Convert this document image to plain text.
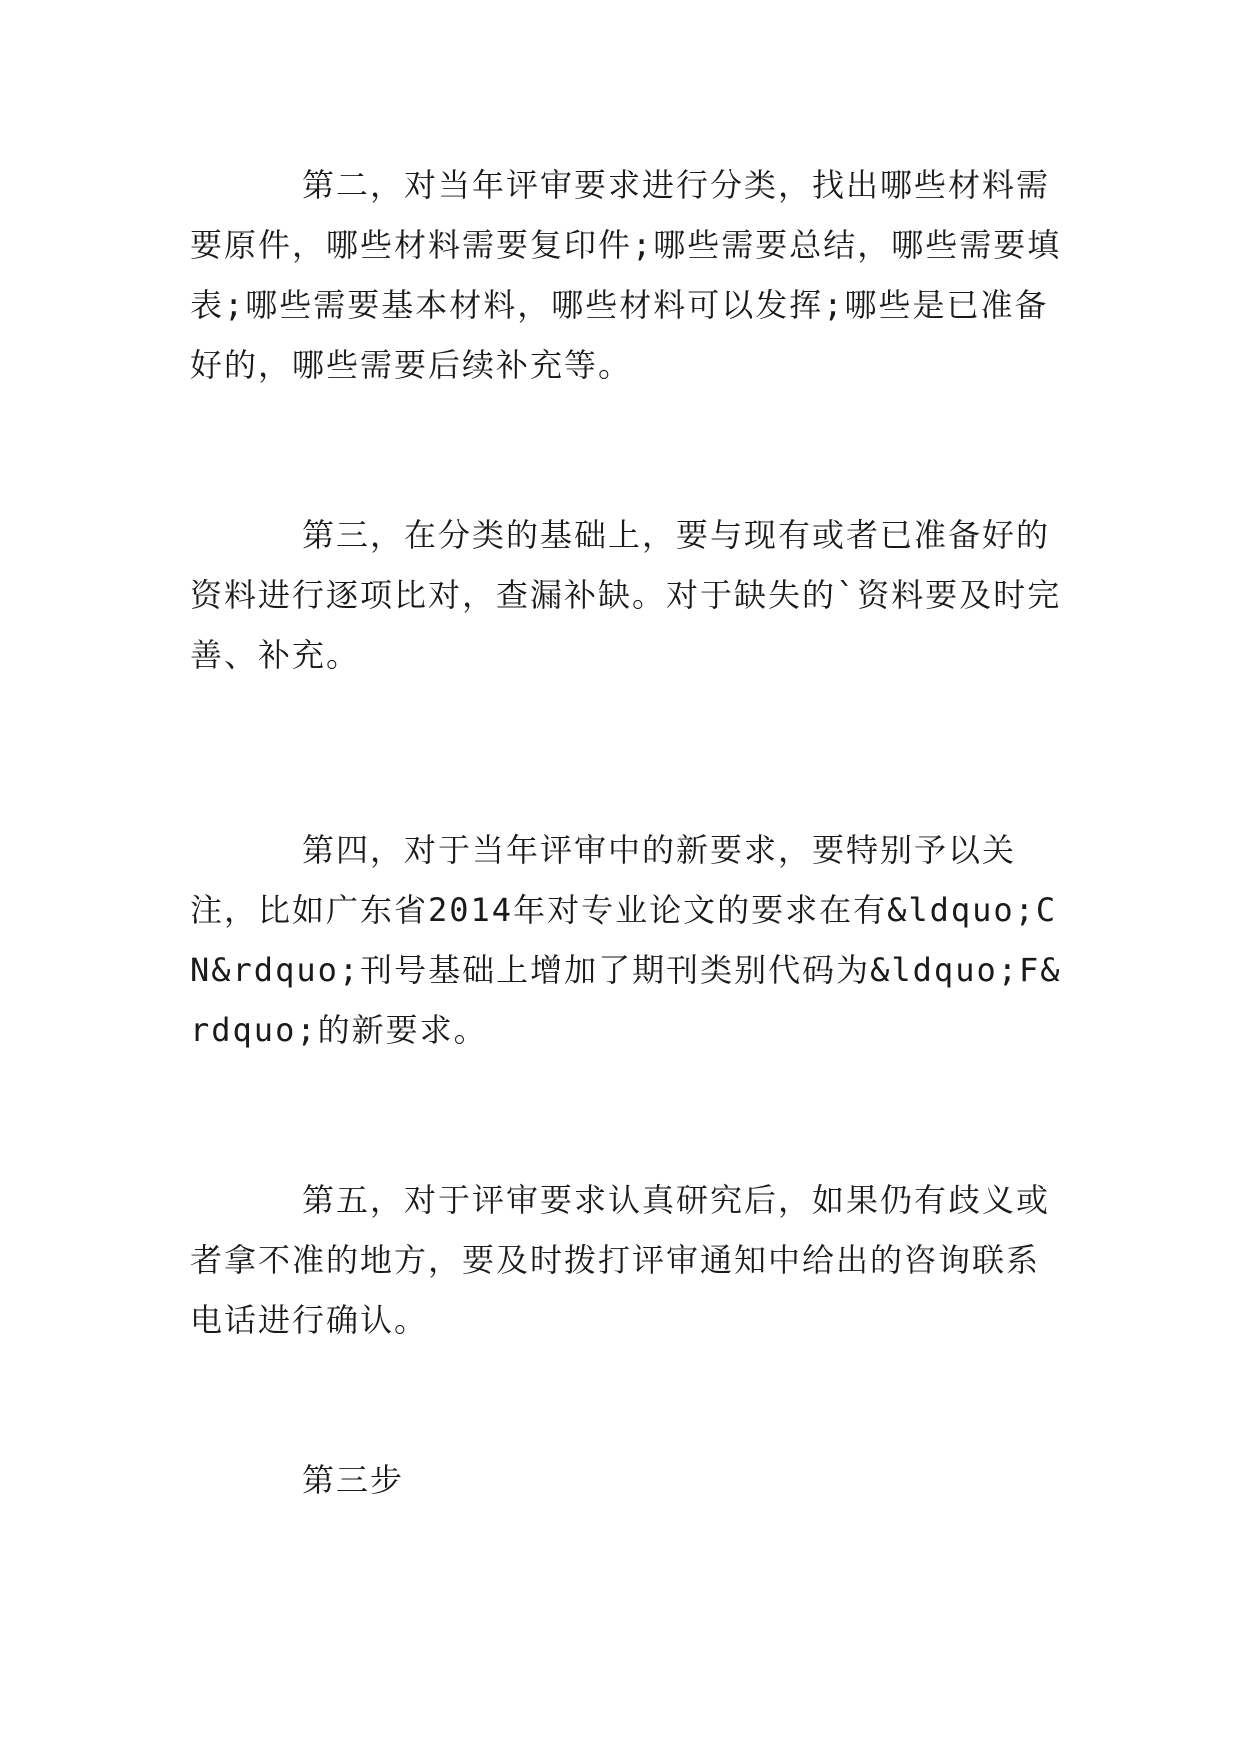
第二，对当年评审要求进行分类，找出哪些材料需要原件，哪些材料需要复印件;哪些需要总结，哪些需要填表;哪些需要基本材料，哪些材料可以发挥;哪些是已准备好的，哪些需要后续补充等。

第三，在分类的基础上，要与现有或者已准备好的资料进行逐项比对，查漏补缺。对于缺失的`资料要及时完善、补充。

第四，对于当年评审中的新要求，要特别予以关注，比如广东省2014年对专业论文的要求在有&ldquo;CN&rdquo;刊号基础上增加了期刊类别代码为&ldquo;F&rdquo;的新要求。

第五，对于评审要求认真研究后，如果仍有歧义或者拿不准的地方，要及时拨打评审通知中给出的咨询联系电话进行确认。

第三步
